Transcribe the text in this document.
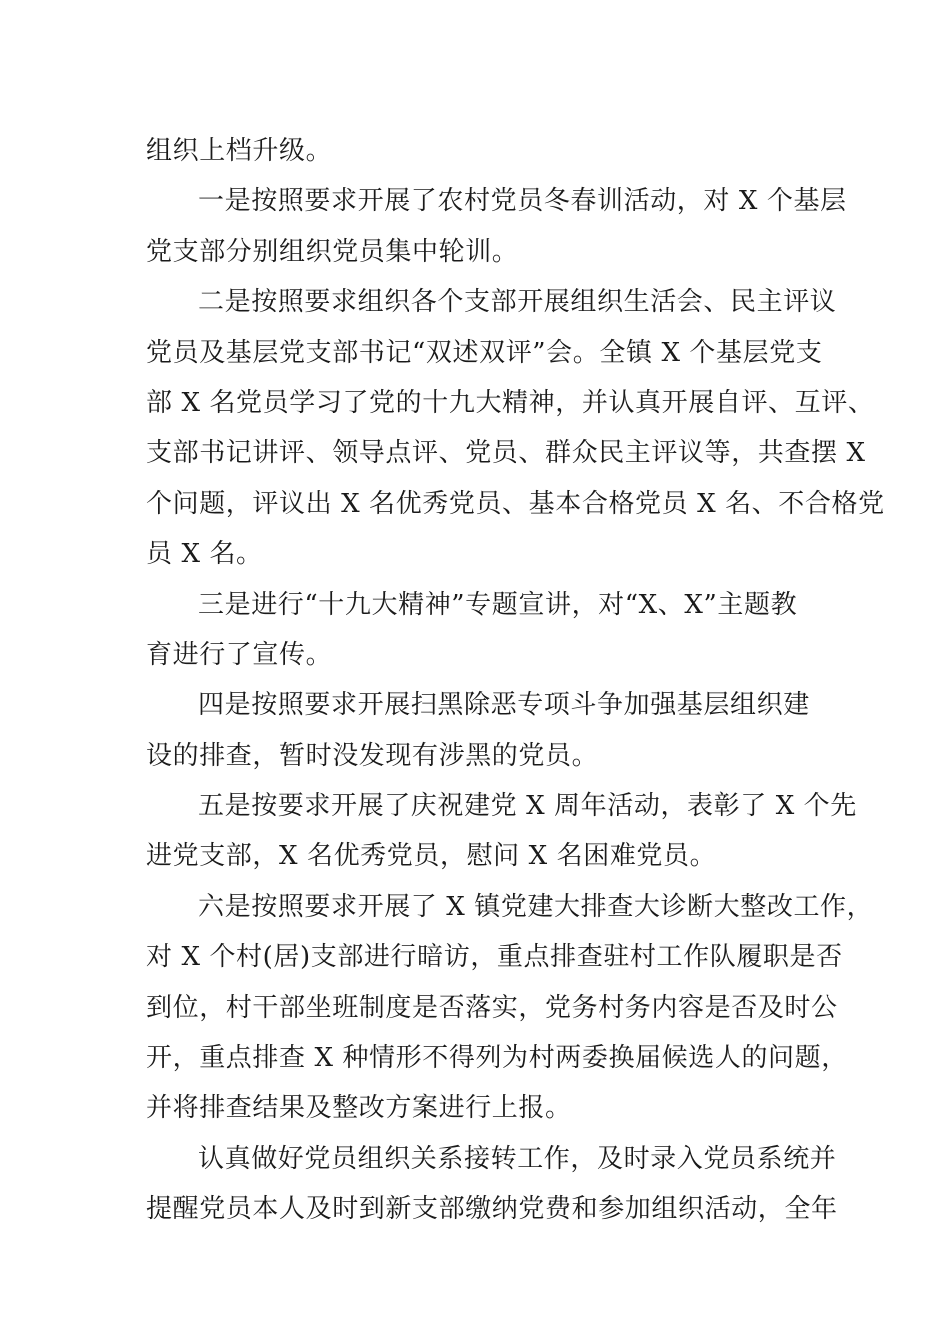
组织上档升级。
一是按照要求开展了农村党员冬春训活动，对 X 个基层
党支部分别组织党员集中轮训。
二是按照要求组织各个支部开展组织生活会、民主评议
党员及基层党支部书记“双述双评”会。全镇 X 个基层党支
部 X 名党员学习了党的十九大精神，并认真开展自评、互评、
支部书记讲评、领导点评、党员、群众民主评议等，共查摆 X
个问题，评议出 X 名优秀党员、基本合格党员 X 名、不合格党
员 X 名。
三是进行“十九大精神”专题宣讲，对“X、X”主题教
育进行了宣传。
四是按照要求开展扫黑除恶专项斗争加强基层组织建
设的排查，暂时没发现有涉黑的党员。
五是按要求开展了庆祝建党 X 周年活动，表彰了 X 个先
进党支部，X 名优秀党员，慰问 X 名困难党员。
六是按照要求开展了 X 镇党建大排查大诊断大整改工作，
对 X 个村(居)支部进行暗访，重点排查驻村工作队履职是否
到位，村干部坐班制度是否落实，党务村务内容是否及时公
开，重点排查 X 种情形不得列为村两委换届候选人的问题，
并将排查结果及整改方案进行上报。
认真做好党员组织关系接转工作，及时录入党员系统并
提醒党员本人及时到新支部缴纳党费和参加组织活动，全年
